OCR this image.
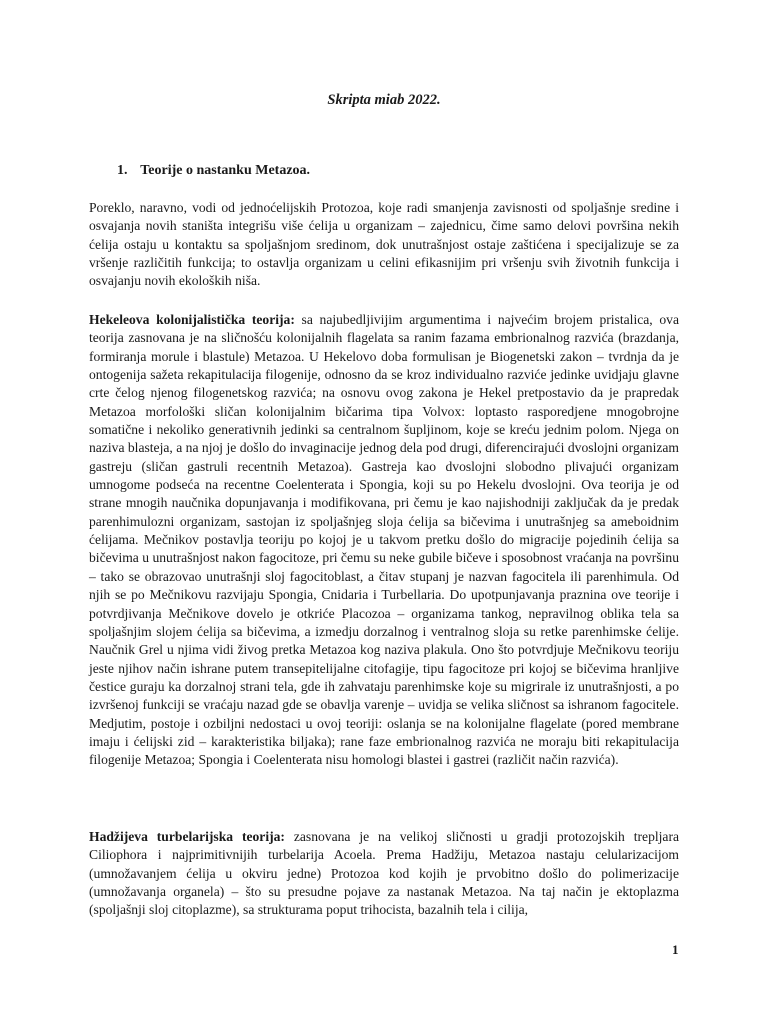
Skripta miab 2022.
1. Teorije o nastanku Metazoa.

Poreklo, naravno, vodi od jednoćelijskih Protozoa, koje radi smanjenja zavisnosti od spoljašnje sredine i osvajanja novih staništa integrišu više ćelija u organizam – zajednicu, čime samo delovi površina nekih ćelija ostaju u kontaktu sa spoljašnjom sredinom, dok unutrašnjost ostaje zaštićena i specijalizuje se za vršenje različitih funkcija; to ostavlja organizam u celini efikasnijim pri vršenju svih životnih funkcija i osvajanju novih ekoloških niša.

Hekeleova kolonijalistička teorija: sa najubedljivijim argumentima i najvećim brojem pristalica, ova teorija zasnovana je na sličnošću kolonijalnih flagelata sa ranim fazama embrionalnog razvića (brazdanja, formiranja morule i blastule) Metazoa. U Hekelovo doba formulisan je Biogenetski zakon – tvrdnja da je ontogenija sažeta rekapitulacija filogenije, odnosno da se kroz individualno razviće jedinke uvidjaju glavne crte čelog njenog filogenetskog razvića; na osnovu ovog zakona je Hekel pretpostavio da je prapredak Metazoa morfološki sličan kolonijalnim bičarima tipa Volvox: loptasto rasporedjene mnogobrojne somatične i nekoliko generativnih jedinki sa centralnom šupljinom, koje se kreću jednim polom. Njega on naziva blasteja, a na njoj je došlo do invaginacije jednog dela pod drugi, diferencirajući dvoslojni organizam gastreju (sličan gastruli recentnih Metazoa). Gastreja kao dvoslojni slobodno plivajući organizam umnogome podseća na recentne Coelenterata i Spongia, koji su po Hekelu dvoslojni. Ova teorija je od strane mnogih naučnika dopunjavanja i modifikovana, pri čemu je kao najishodniji zaključak da je predak parenhimulozni organizam, sastojan iz spoljašnjeg sloja ćelija sa bičevima i unutrašnjeg sa ameboidnim ćelijama. Mečnikov postavlja teoriju po kojoj je u takvom pretku došlo do migracije pojedinih ćelija sa bičevima u unutrašnjost nakon fagocitoze, pri čemu su neke gubile bičeve i sposobnost vraćanja na površinu – tako se obrazovao unutrašnji sloj fagocitoblast, a čitav stupanj je nazvan fagocitela ili parenhimula. Od njih se po Mečnikovu razvijaju Spongia, Cnidaria i Turbellaria. Do upotpunjavanja praznina ove teorije i potvrdjivanja Mečnikove dovelo je otkriće Placozoa – organizama tankog, nepravilnog oblika tela sa spoljašnjim slojem ćelija sa bičevima, a izmedju dorzalnog i ventralnog sloja su retke parenhimske ćelije. Naučnik Grel u njima vidi živog pretka Metazoa kog naziva plakula. Ono što potvrdjuje Mečnikovu teoriju jeste njihov način ishrane putem transepitelijalne citofagije, tipu fagocitoze pri kojoj se bičevima hranljive čestice guraju ka dorzalnoj strani tela, gde ih zahvataju parenhimske koje su migrirale iz unutrašnjosti, a po izvršenoj funkciji se vraćaju nazad gde se obavlja varenje – uvidja se velika sličnost sa ishranom fagocitele. Medjutim, postoje i ozbiljni nedostaci u ovoj teoriji: oslanja se na kolonijalne flagelate (pored membrane imaju i ćelijski zid – karakteristika biljaka); rane faze embrionalnog razvića ne moraju biti rekapitulacija filogenije Metazoa; Spongia i Coelenterata nisu homologi blastei i gastrei (različit način razvića).

Hadžijeva turbelarijska teorija: zasnovana je na velikoj sličnosti u gradji protozojskih trepljara Ciliophora i najprimitivnijih turbelarija Acoela. Prema Hadžiju, Metazoa nastaju celularizacijom (umnožavanjem ćelija u okviru jedne) Protozoa kod kojih je prvobitno došlo do polimerizacije (umnožavanja organela) – što su presudne pojave za nastanak Metazoa. Na taj način je ektoplazma (spoljašnji sloj citoplazme), sa strukturama poput trihocista, bazalnih tela i cilija,

1
